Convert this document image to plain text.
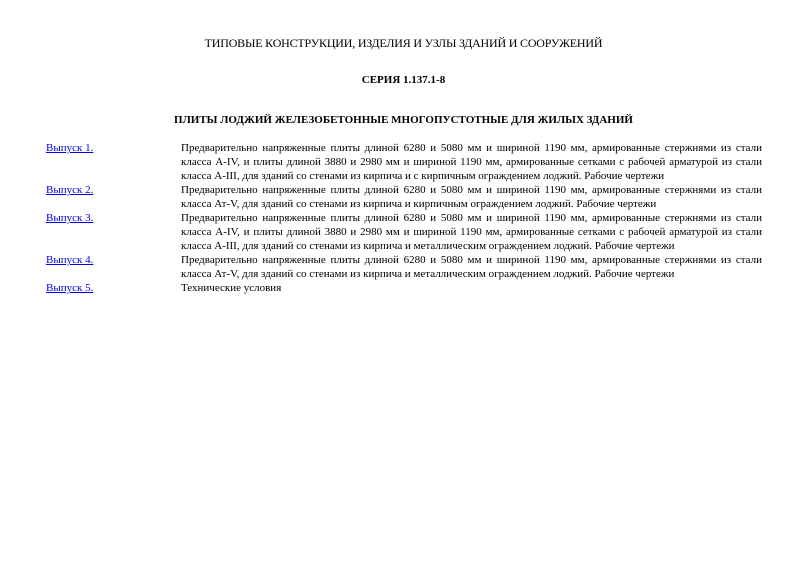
ТИПОВЫЕ КОНСТРУКЦИИ, ИЗДЕЛИЯ И УЗЛЫ ЗДАНИЙ И СООРУЖЕНИЙ
СЕРИЯ 1.137.1-8
ПЛИТЫ ЛОДЖИЙ ЖЕЛЕЗОБЕТОННЫЕ МНОГОПУСТОТНЫЕ ДЛЯ ЖИЛЫХ ЗДАНИЙ
Выпуск 1.	Предварительно напряженные плиты длиной 6280 и 5080 мм и шириной 1190 мм, армированные стержнями из стали класса А-IV, и плиты длиной 3880 и 2980 мм и шириной 1190 мм, армированные сетками с рабочей арматурой из стали класса А-III, для зданий со стенами из кирпича и с кирпичным ограждением лоджий. Рабочие чертежи
Выпуск 2.	Предварительно напряженные плиты длиной 6280 и 5080 мм и шириной 1190 мм, армированные стержнями из стали класса Ат-V, для зданий со стенами из кирпича и кирпичным ограждением лоджий. Рабочие чертежи
Выпуск 3.	Предварительно напряженные плиты длиной 6280 и 5080 мм и шириной 1190 мм, армированные стержнями из стали класса А-IV, и плиты длиной 3880 и 2980 мм и шириной 1190 мм, армированные сетками с рабочей арматурой из стали класса А-III, для зданий со стенами из кирпича и металлическим ограждением лоджий. Рабочие чертежи
Выпуск 4.	Предварительно напряженные плиты длиной 6280 и 5080 мм и шириной 1190 мм, армированные стержнями из стали класса Ат-V, для зданий со стенами из кирпича и металлическим ограждением лоджий. Рабочие чертежи
Выпуск 5.	Технические условия
